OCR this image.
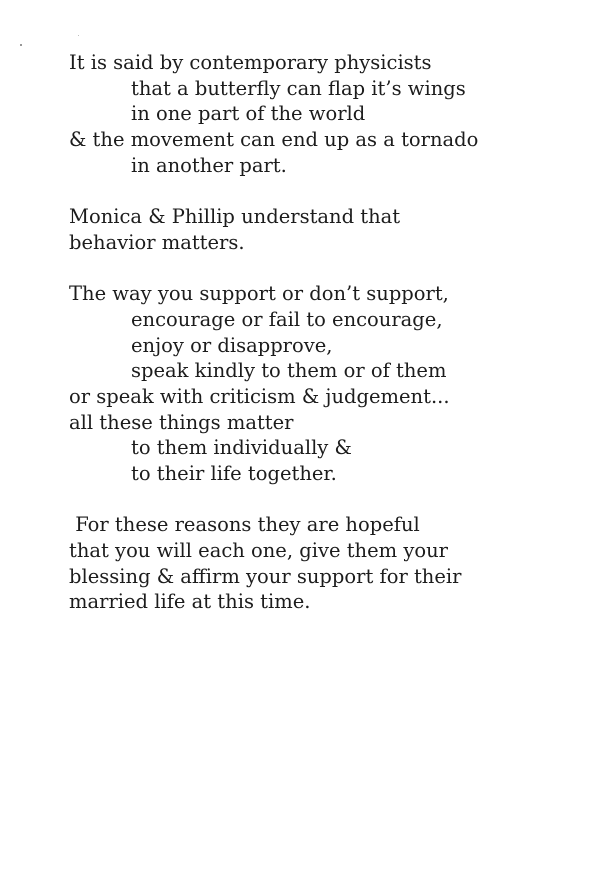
It is said by contemporary physicists
that a butterfly can flap it’s wings
in one part of the world
& the movement can end up as a tornado
in another part.
Monica & Phillip understand that
behavior matters.
The way you support or don’t support,
encourage or fail to encourage,
enjoy or disapprove,
speak kindly to them or of them
or speak with criticism & judgement...
all these things matter
to them individually &
to their life together.
For these reasons they are hopeful
that you will each one, give them your
blessing & affirm your support for their
married life at this time.
